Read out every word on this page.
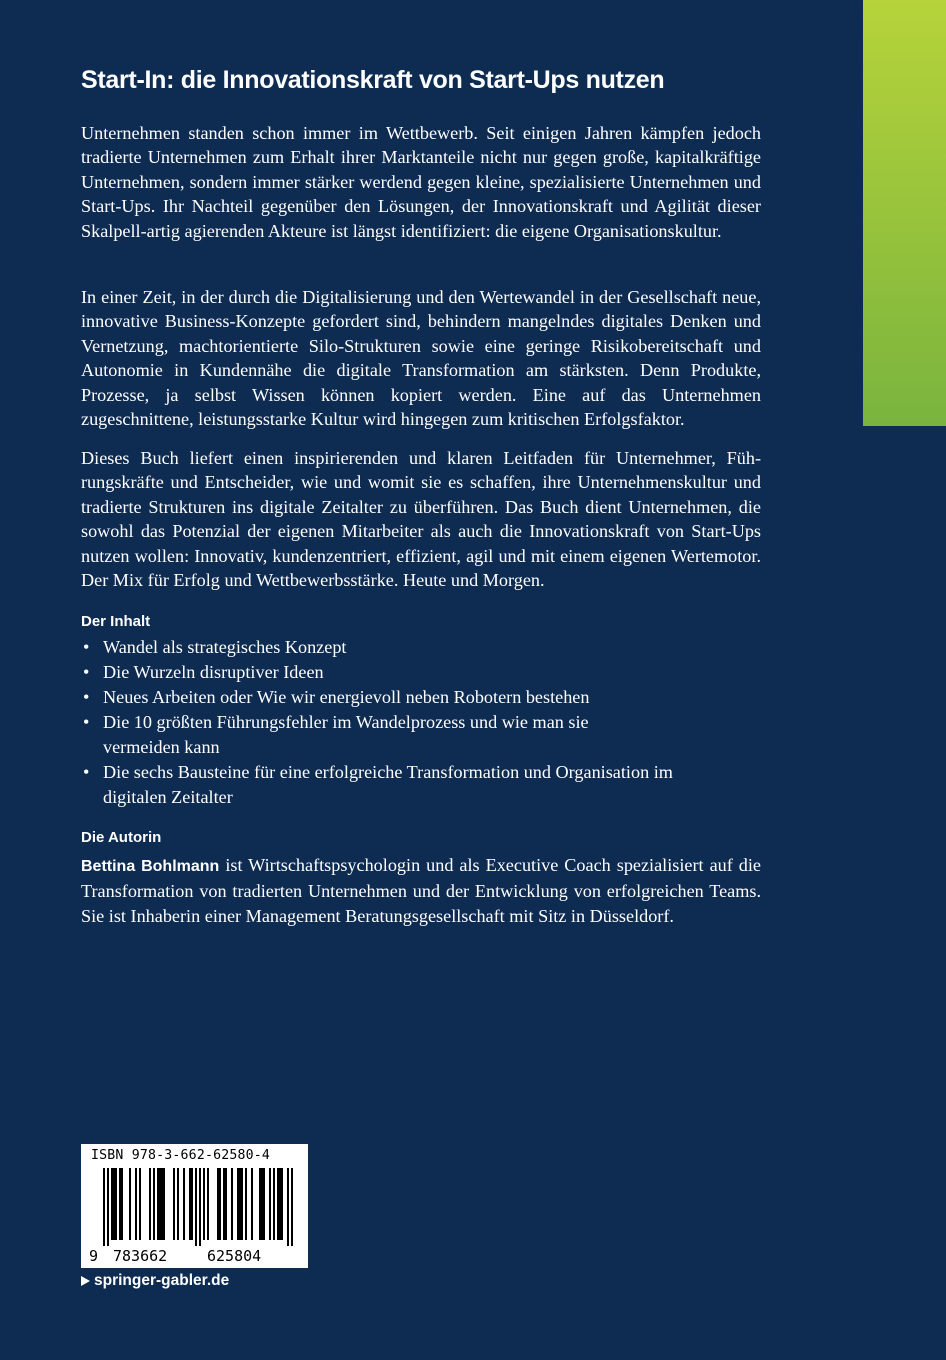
Start-In: die Innovationskraft von Start-Ups nutzen

Unternehmen standen schon immer im Wettbewerb. Seit einigen Jahren kämpfen jedoch tradierte Unternehmen zum Erhalt ihrer Marktanteile nicht nur gegen große, kapitalkräftige Unternehmen, sondern immer stärker werdend gegen kleine, spezialisierte Unternehmen und Start-Ups. Ihr Nachteil gegenüber den Lösungen, der Innovationskraft und Agilität dieser Skalpell-artig agierenden Akteure ist längst identifiziert: die eigene Organisationskultur.

In einer Zeit, in der durch die Digitalisierung und den Wertewandel in der Gesellschaft neue, innovative Business-Konzepte gefordert sind, behindern mangelndes digitales Denken und Vernetzung, machtorientierte Silo-Strukturen sowie eine geringe Risikobereitschaft und Autonomie in Kundennähe die digitale Transformation am stärksten. Denn Produkte, Prozesse, ja selbst Wissen können kopiert werden. Eine auf das Unternehmen zugeschnittene, leistungsstarke Kultur wird hingegen zum kritischen Erfolgsfaktor.

Dieses Buch liefert einen inspirierenden und klaren Leitfaden für Unternehmer, Führungskräfte und Entscheider, wie und womit sie es schaffen, ihre Unternehmenskultur und tradierte Strukturen ins digitale Zeitalter zu überführen. Das Buch dient Unternehmen, die sowohl das Potenzial der eigenen Mitarbeiter als auch die Innovationskraft von Start-Ups nutzen wollen: Innovativ, kundenzentriert, effizient, agil und mit einem eigenen Wertemotor. Der Mix für Erfolg und Wettbewerbsstärke. Heute und Morgen.

Der Inhalt
• Wandel als strategisches Konzept
• Die Wurzeln disruptiver Ideen
• Neues Arbeiten oder Wie wir energievoll neben Robotern bestehen
• Die 10 größten Führungsfehler im Wandelprozess und wie man sie vermeiden kann
• Die sechs Bausteine für eine erfolgreiche Transformation und Organisation im digitalen Zeitalter
Die Autorin

Bettina Bohlmann ist Wirtschaftspsychologin und als Executive Coach spezialisiert auf die Transformation von tradierten Unternehmen und der Entwicklung von erfolgreichen Teams. Sie ist Inhaberin einer Management Beratungsgesellschaft mit Sitz in Düsseldorf.

ISBN 978-3-662-62580-4
9 783662	625804
springer-gabler.de
